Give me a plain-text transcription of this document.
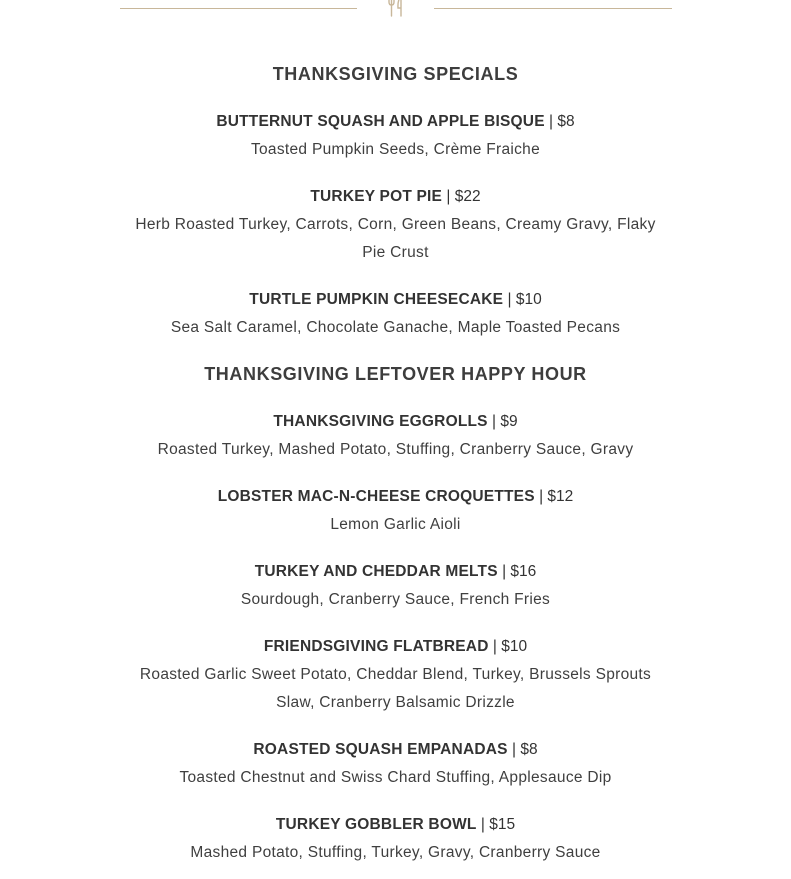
THANKSGIVING SPECIALS
BUTTERNUT SQUASH AND APPLE BISQUE | $8
Toasted Pumpkin Seeds, Crème Fraiche
TURKEY POT PIE | $22
Herb Roasted Turkey, Carrots, Corn, Green Beans, Creamy Gravy, Flaky Pie Crust
TURTLE PUMPKIN CHEESECAKE | $10
Sea Salt Caramel, Chocolate Ganache, Maple Toasted Pecans
THANKSGIVING LEFTOVER HAPPY HOUR
THANKSGIVING EGGROLLS | $9
Roasted Turkey, Mashed Potato, Stuffing, Cranberry Sauce, Gravy
LOBSTER MAC-N-CHEESE CROQUETTES | $12
Lemon Garlic Aioli
TURKEY AND CHEDDAR MELTS | $16
Sourdough, Cranberry Sauce, French Fries
FRIENDSGIVING FLATBREAD | $10
Roasted Garlic Sweet Potato, Cheddar Blend, Turkey, Brussels Sprouts Slaw, Cranberry Balsamic Drizzle
ROASTED SQUASH EMPANADAS | $8
Toasted Chestnut and Swiss Chard Stuffing, Applesauce Dip
TURKEY GOBBLER BOWL | $15
Mashed Potato, Stuffing, Turkey, Gravy, Cranberry Sauce
